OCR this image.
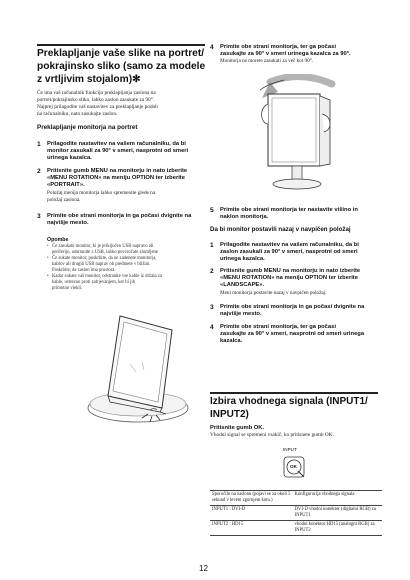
Preklapljanje vaše slike na portret/
pokrajinsko sliko (samo za modele
z vrtljivim stojalom)✻
Če ima vaš računalnik funkcijo preklapljanja zaslona na
portret/pokrajinsko sliko, lahko zaslon zasukate za 90°.
Najprej prilagodite vaš nastavitev za preklapljanje podob
na računalniku, nato zasukajte zaslon.
Preklapljanje monitorja na portret
1 Prilagodite nastavitev na vašem računalniku, da bi
monitor zasukali za 90° v smeri, nasprotni od smeri
urinega kazalca.
2 Pritisnite gumb MENU na monitorju in nato izberite
«MENU ROTATION» na meniju OPTION ter izberite
«PORTRAIT».
Položaj menija monitorja lahko spremenite glede na
položaj zaslona.
3 Primite obe strani monitorja in ga počasi dvignite na
najvišje mesto.
Opombe
• Če zasukate monitor, ki je priključen USB napravo ali
periferijo, odstranite z USB, lahko povzročate zlomljene
• Če sukate monitor, poskrbite, da ne zadenete monitorja,
kablov ali drugih USB naprav ob predmete v bližini.
Poskrbite, da zaslon ima prostora.
• Kadar sukate vaš monitor, odstranite vse kable iz držala za
kable, ustrezno proti zatrjevanjem, ker bi jih
primotno vlekli.
4 Primite obe strani monitorja, ter ga počasi
zasukajte za 90° v smeri urinega kazalca za 90°.
Monitorja ne morete zasukati za več kot 90°.
5 Primite obe strani monitorja ter nastavite višino in
naklon monitorja.
Da bi monitor postavili nazaj v navpičen položaj
1 Prilagodite nastavitev na vašem računalniku, da bi
zaslon zasukali za 90° v smeri, nasprotni od smeri
urinega kazalca.
2 Pritisnite gumb MENU na monitorju in nato izberite
«MENU ROTATION» na meniju OPTION ter izberite
«LANDSCAPE».
Meni monitorja postavite nazaj v navpičen položaj.
3 Primite obe strani monitorja in ga počasi dvignite na
najvišje mesto.
4 Primite obe strani monitorja, ter ga počasi
zasukajte za 90° v smeri, nasprotni od smeri urinega
kazalca.
Izbira vhodnega signala (INPUT1/
INPUT2)
Pritisnite gumb OK.
Vhodni signal se spremeni vsakič, ko pritisnete gumb OK.
INPUT
OK
Sporočilo na zaslonu (pojavi se za okoli 5 sekund v levem zgornjem kotu.)	Konfiguracija vhodnega signala
INPUT1 : DVI-D	DVI-D vhodni konektor (digitalni RGB) za INPUT1
INPUT2 : HD15	vhodni konektor HD15 (analogni RGB) za INPUT2
12
